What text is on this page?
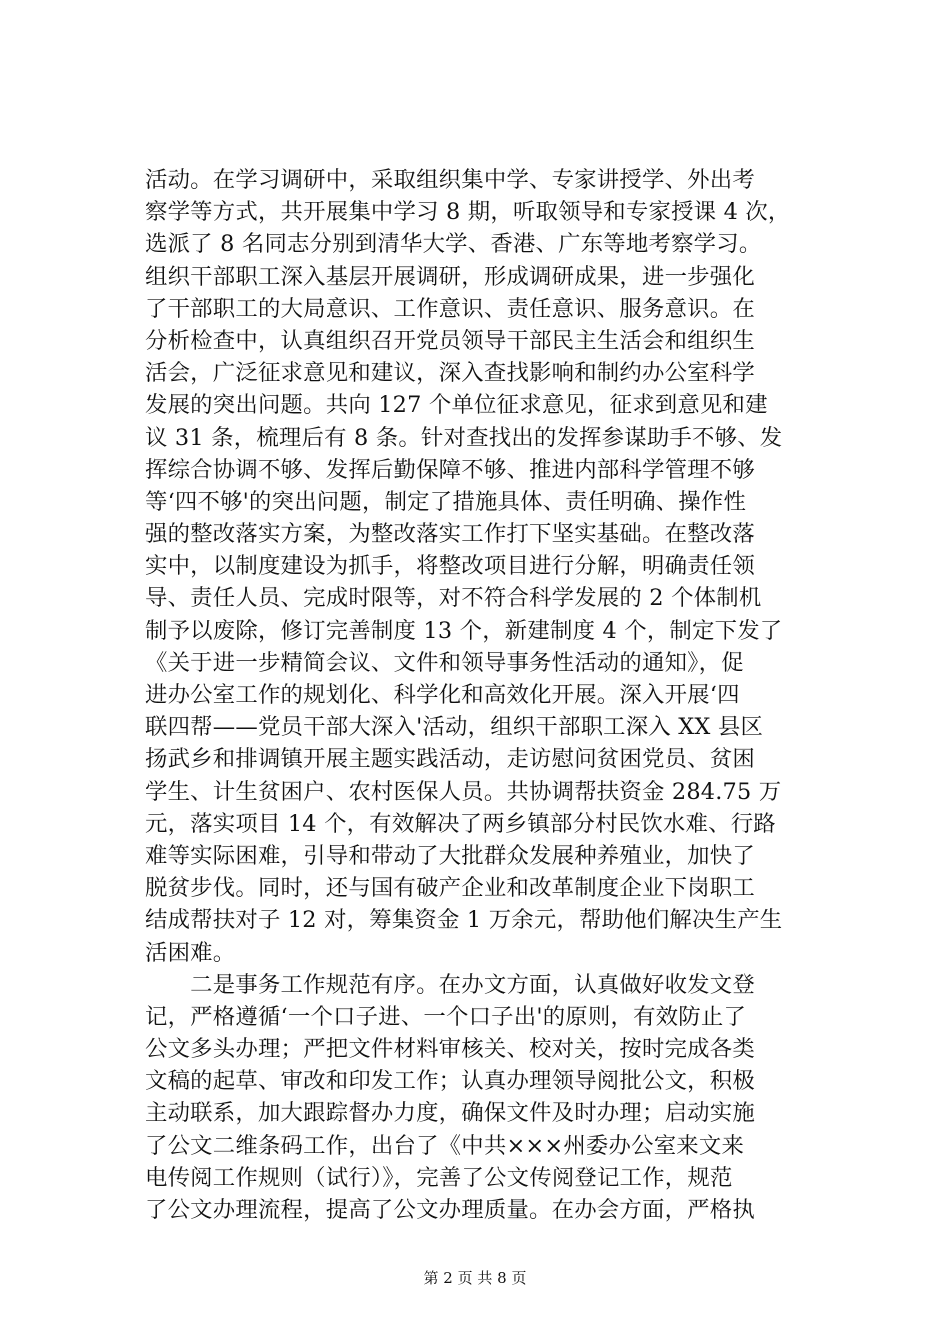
活动。在学习调研中，采取组织集中学、专家讲授学、外出考
察学等方式，共开展集中学习 8 期，听取领导和专家授课 4 次，
选派了 8 名同志分别到清华大学、香港、广东等地考察学习。
组织干部职工深入基层开展调研，形成调研成果，进一步强化
了干部职工的大局意识、工作意识、责任意识、服务意识。在
分析检查中，认真组织召开党员领导干部民主生活会和组织生
活会，广泛征求意见和建议，深入查找影响和制约办公室科学
发展的突出问题。共向 127 个单位征求意见，征求到意见和建
议 31 条，梳理后有 8 条。针对查找出的发挥参谋助手不够、发
挥综合协调不够、发挥后勤保障不够、推进内部科学管理不够
等‘四不够'的突出问题，制定了措施具体、责任明确、操作性
强的整改落实方案，为整改落实工作打下坚实基础。在整改落
实中，以制度建设为抓手，将整改项目进行分解，明确责任领
导、责任人员、完成时限等，对不符合科学发展的 2 个体制机
制予以废除，修订完善制度 13 个，新建制度 4 个，制定下发了
《关于进一步精简会议、文件和领导事务性活动的通知》，促
进办公室工作的规划化、科学化和高效化开展。深入开展‘四
联四帮——党员干部大深入'活动，组织干部职工深入 XX 县区
扬武乡和排调镇开展主题实践活动，走访慰问贫困党员、贫困
学生、计生贫困户、农村医保人员。共协调帮扶资金 284.75 万
元，落实项目 14 个，有效解决了两乡镇部分村民饮水难、行路
难等实际困难，引导和带动了大批群众发展种养殖业，加快了
脱贫步伐。同时，还与国有破产企业和改革制度企业下岗职工
结成帮扶对子 12 对，筹集资金 1 万余元，帮助他们解决生产生
活困难。
　　二是事务工作规范有序。在办文方面，认真做好收发文登
记，严格遵循‘一个口子进、一个口子出'的原则，有效防止了
公文多头办理；严把文件材料审核关、校对关，按时完成各类
文稿的起草、审改和印发工作；认真办理领导阅批公文，积极
主动联系，加大跟踪督办力度，确保文件及时办理；启动实施
了公文二维条码工作，出台了《中共×××州委办公室来文来
电传阅工作规则（试行）》，完善了公文传阅登记工作，规范
了公文办理流程，提高了公文办理质量。在办会方面，严格执
第 2 页 共 8 页
